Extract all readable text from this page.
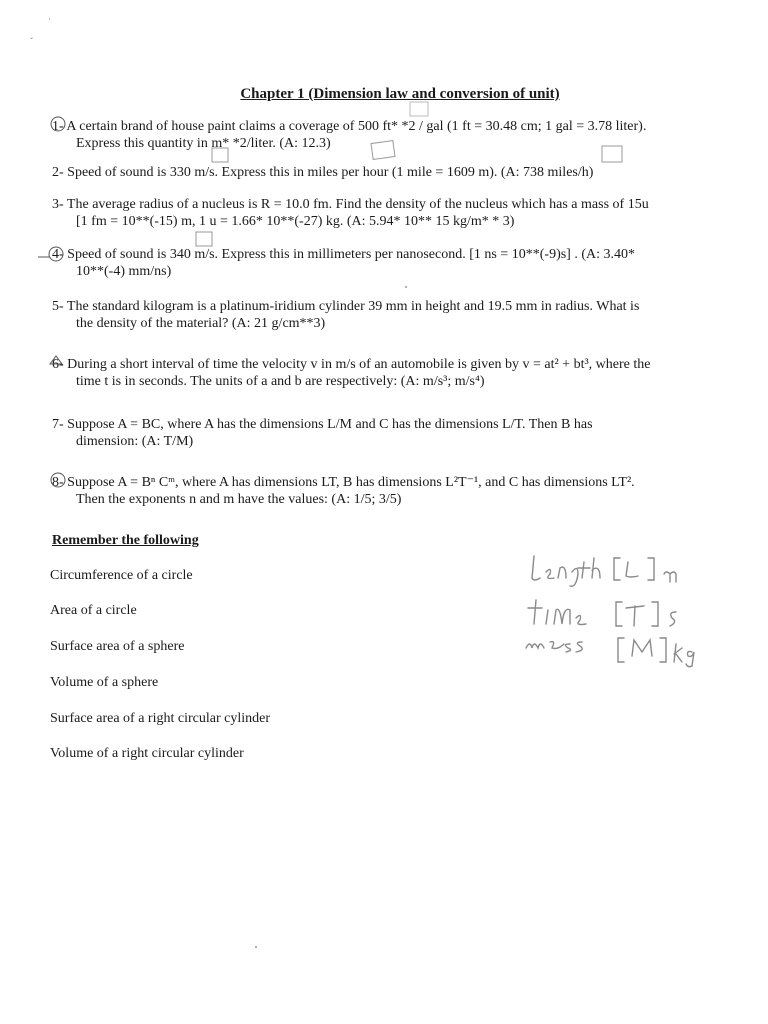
·
ˇ
Chapter 1 (Dimension law and conversion of unit)
1- A certain brand of house paint claims a coverage of 500 ft* *2 / gal (1 ft = 30.48 cm; 1 gal = 3.78 liter).
Express this quantity in m* *2/liter. (A: 12.3)
2- Speed of sound is 330 m/s. Express this in miles per hour (1 mile = 1609 m). (A: 738 miles/h)
3- The average radius of a nucleus is R = 10.0 fm. Find the density of the nucleus which has a mass of 15u
[1 fm = 10**(-15) m, 1 u = 1.66* 10**(-27) kg. (A: 5.94* 10** 15 kg/m* * 3)
4- Speed of sound is 340 m/s. Express this in millimeters per nanosecond. [1 ns = 10**(-9)s] . (A: 3.40*
10**(-4) mm/ns)
5- The standard kilogram is a platinum-iridium cylinder 39 mm in height and 19.5 mm in radius. What is
the density of the material? (A: 21 g/cm**3)
6- During a short interval of time the velocity v in m/s of an automobile is given by v = at² + bt³, where the
time t is in seconds. The units of a and b are respectively: (A: m/s³; m/s⁴)
7- Suppose A = BC, where A has the dimensions L/M and C has the dimensions L/T. Then B has
dimension: (A: T/M)
8- Suppose A = Bⁿ Cᵐ, where A has dimensions LT, B has dimensions L²T⁻¹, and C has dimensions LT².
Then the exponents n and m have the values: (A: 1/5; 3/5)
Remember the following
Circumference of a circle
Area of a circle
Surface area of a sphere
Volume of a sphere
Surface area of a right circular cylinder
Volume of a right circular cylinder
